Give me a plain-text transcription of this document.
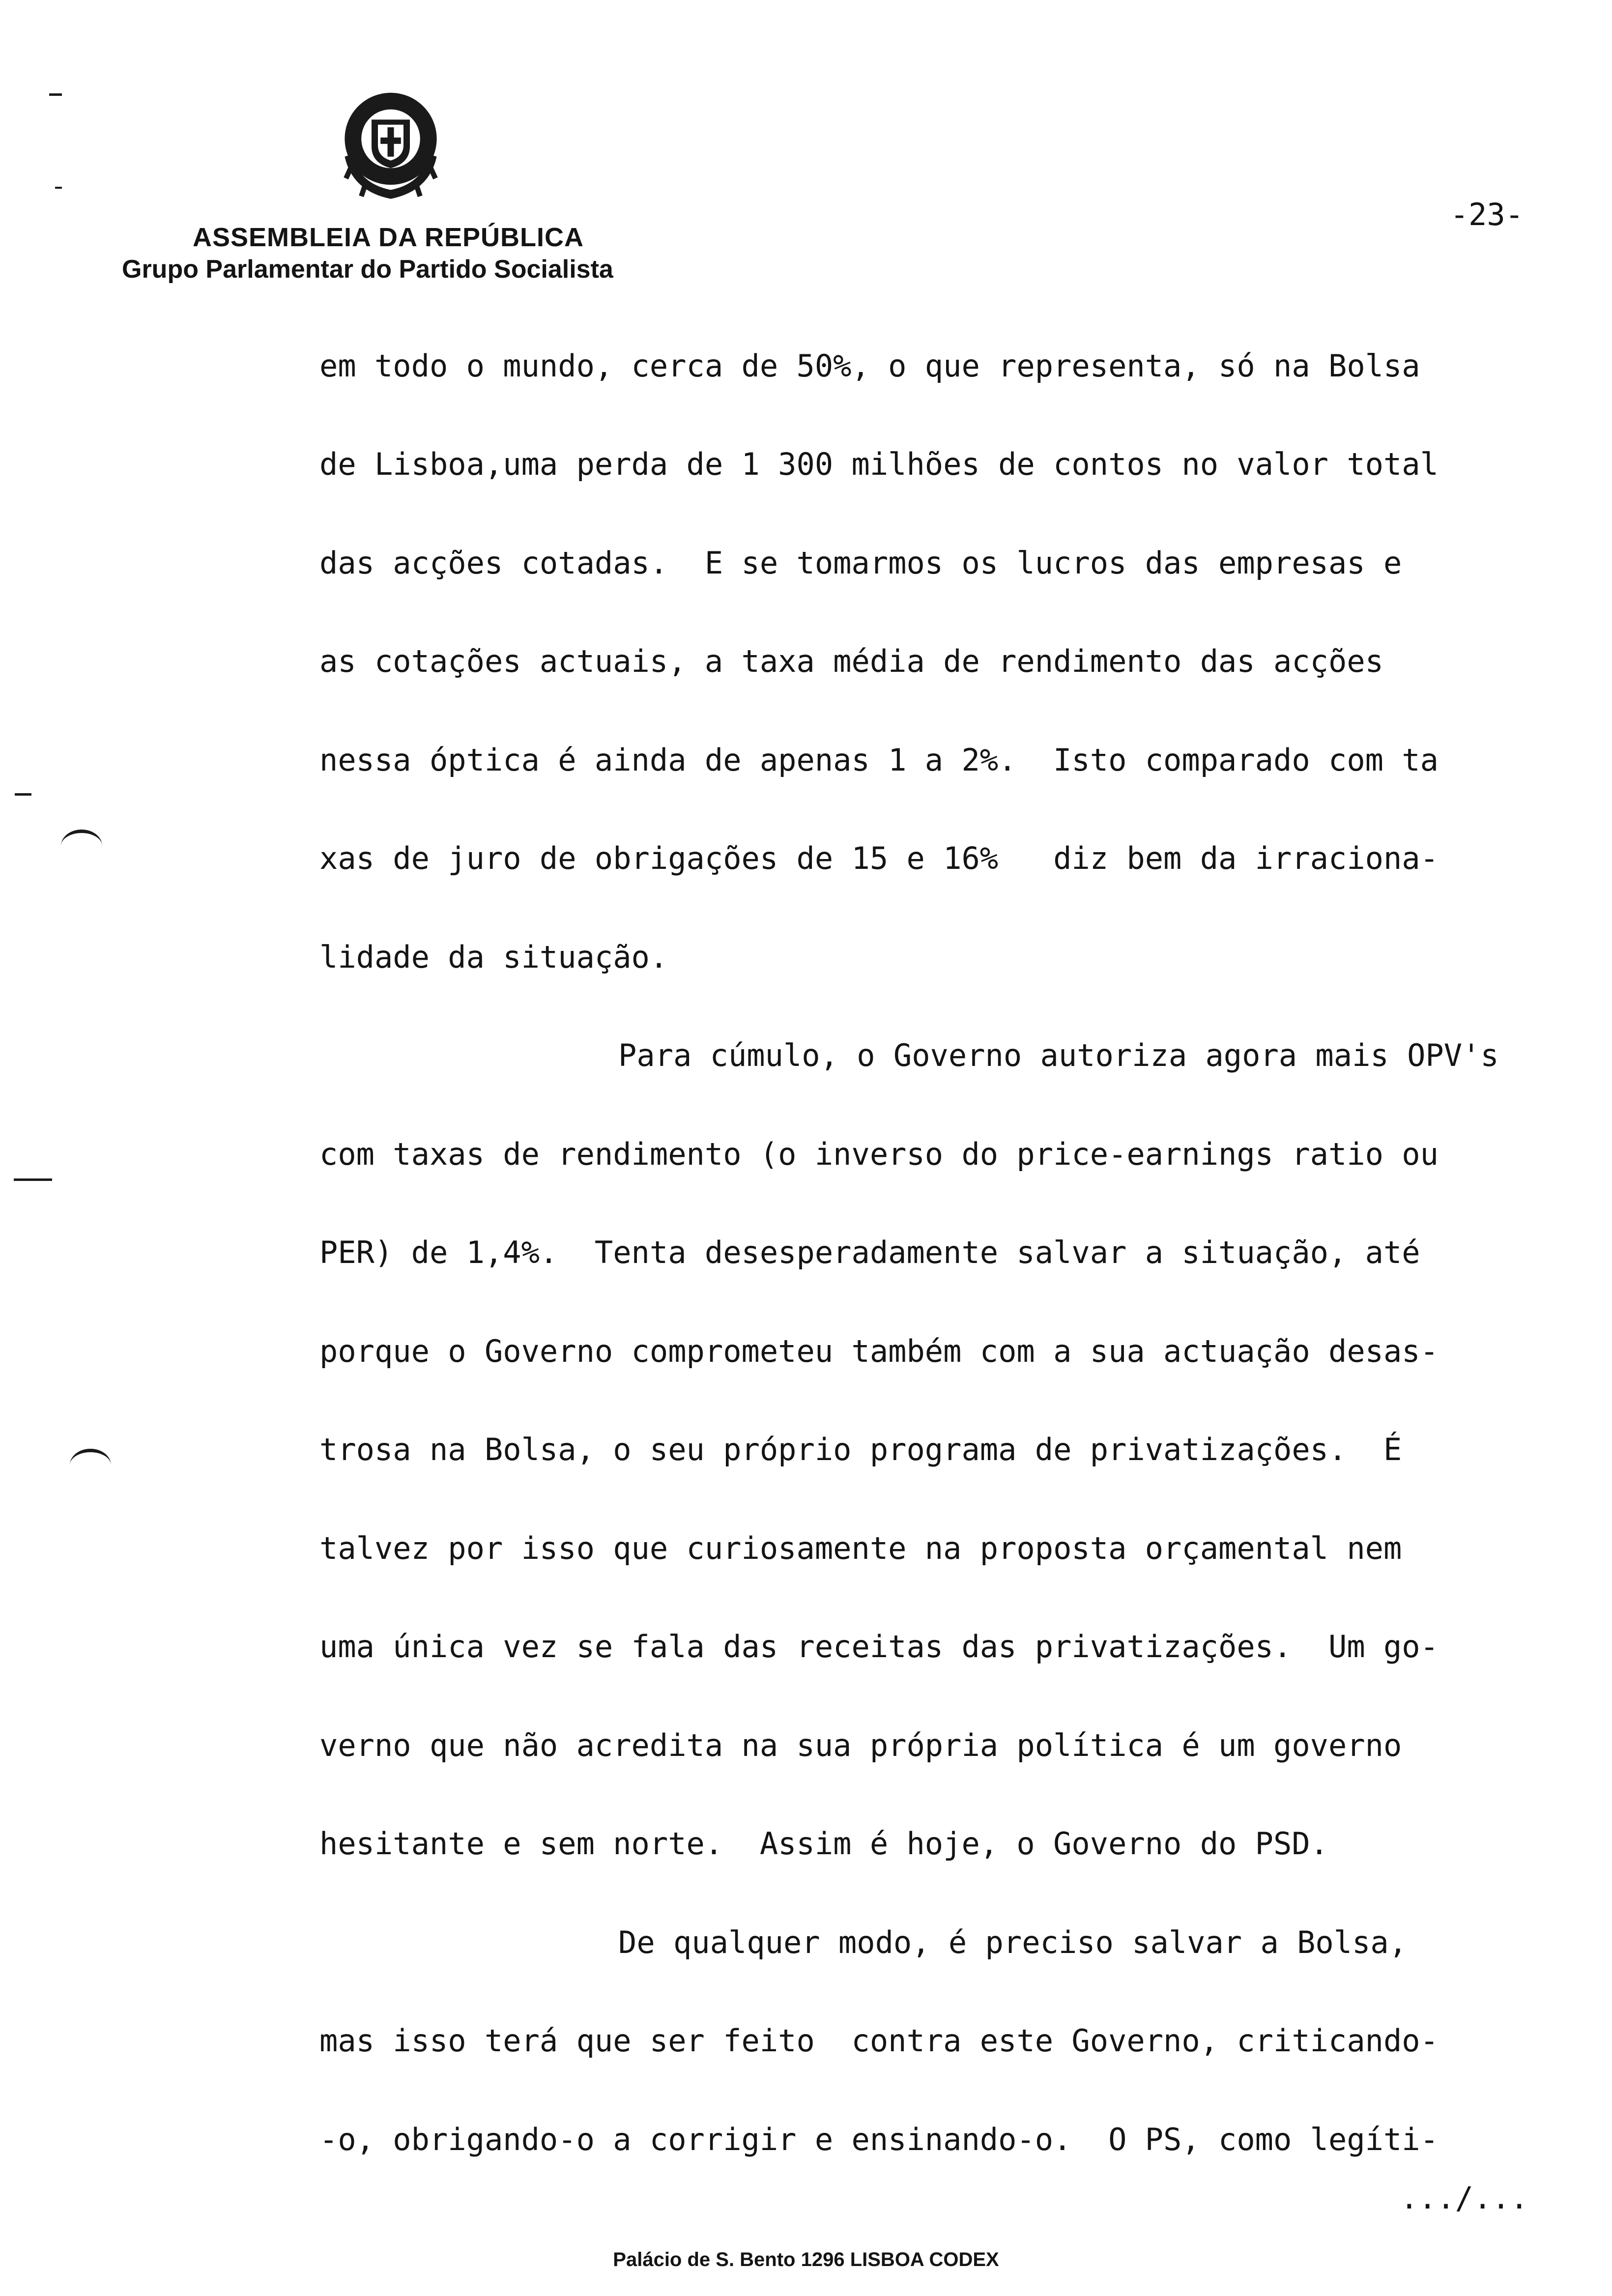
ASSEMBLEIA DA REPÚBLICA
Grupo Parlamentar do Partido Socialista
-23-
em todo o mundo, cerca de 50%, o que representa, só na Bolsa
de Lisboa,uma perda de 1 300 milhões de contos no valor total
das acções cotadas.  E se tomarmos os lucros das empresas e
as cotações actuais, a taxa média de rendimento das acções
nessa óptica é ainda de apenas 1 a 2%.  Isto comparado com ta
xas de juro de obrigações de 15 e 16%   diz bem da irraciona-
lidade da situação.
Para cúmulo, o Governo autoriza agora mais OPV's
com taxas de rendimento (o inverso do price-earnings ratio ou
PER) de 1,4%.  Tenta desesperadamente salvar a situação, até
porque o Governo comprometeu também com a sua actuação desas-
trosa na Bolsa, o seu próprio programa de privatizações.  É
talvez por isso que curiosamente na proposta orçamental nem
uma única vez se fala das receitas das privatizações.  Um go-
verno que não acredita na sua própria política é um governo
hesitante e sem norte.  Assim é hoje, o Governo do PSD.
De qualquer modo, é preciso salvar a Bolsa,
mas isso terá que ser feito  contra este Governo, criticando-
-o, obrigando-o a corrigir e ensinando-o.  O PS, como legíti-
.../...
Palácio de S. Bento 1296 LISBOA CODEX
